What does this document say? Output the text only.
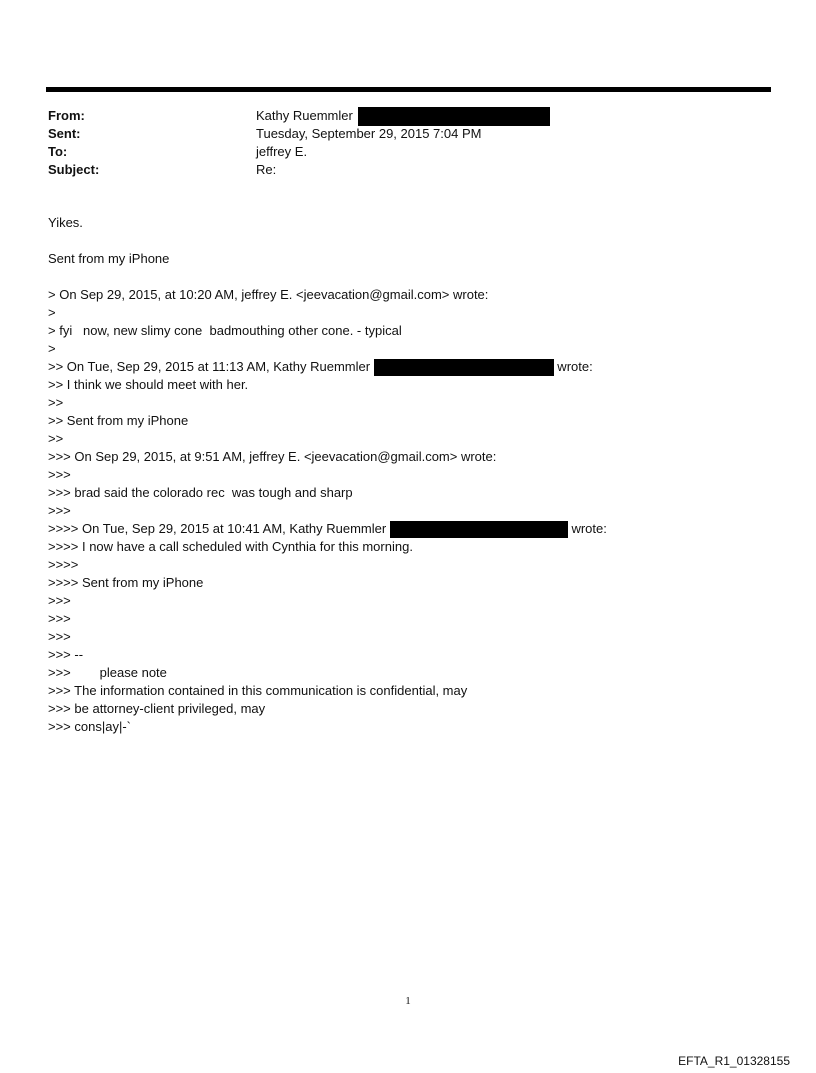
From:	Kathy Ruemmler
Sent:	Tuesday, September 29, 2015 7:04 PM
To:	jeffrey E.
Subject:	Re:
Yikes.
Sent from my iPhone
> On Sep 29, 2015, at 10:20 AM, jeffrey E. <jeevacation@gmail.com> wrote:
>
> fyi   now, new slimy cone  badmouthing other cone. - typical
>
>> On Tue, Sep 29, 2015 at 11:13 AM, Kathy Ruemmler	wrote:
>> I think we should meet with her.
>>
>> Sent from my iPhone
>>
>>> On Sep 29, 2015, at 9:51 AM, jeffrey E. <jeevacation@gmail.com> wrote:
>>>
>>> brad said the colorado rec  was tough and sharp
>>>
>>>> On Tue, Sep 29, 2015 at 10:41 AM, Kathy Ruemmler	wrote:
>>>> I now have a call scheduled with Cynthia for this morning.
>>>>
>>>> Sent from my iPhone
>>>
>>>
>>>
>>> --
>>>        please note
>>> The information contained in this communication is confidential, may
>>> be attorney-client privileged, may
>>> cons|ay|-`
1
EFTA_R1_01328155
